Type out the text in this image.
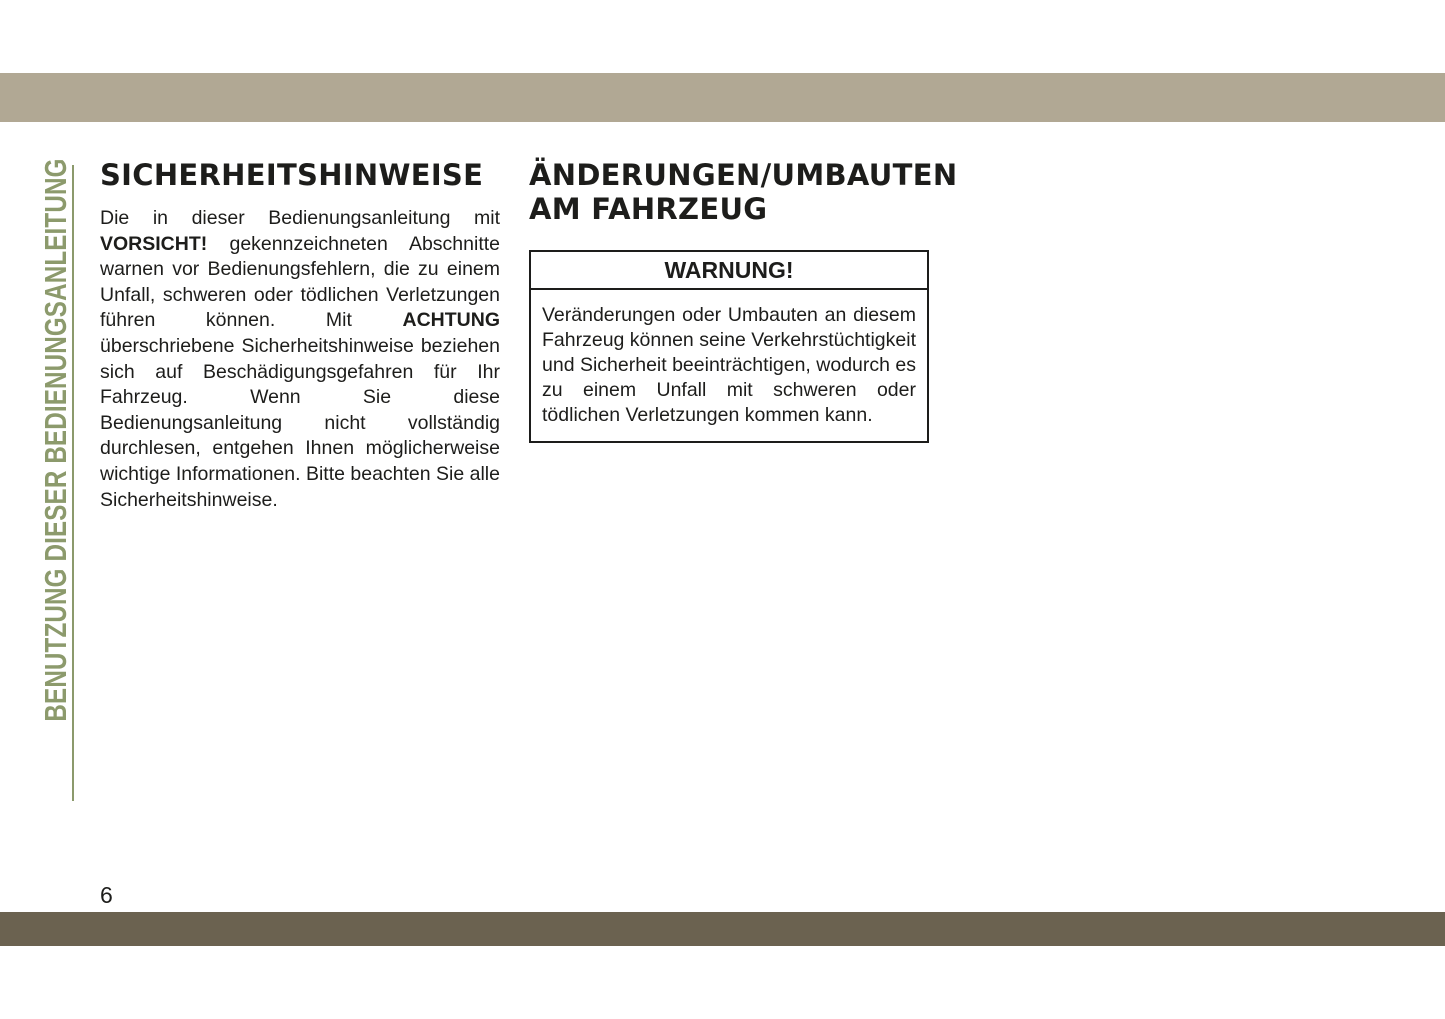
BENUTZUNG DIESER BEDIENUNGSANLEITUNG SICHERHEITSHINWEISE

Die in dieser Bedienungsanleitung mit VORSICHT! gekennzeichneten Abschnitte warnen vor Bedienungsfehlern, die zu einem Unfall, schweren oder tödlichen Verletzungen führen können. Mit ACHTUNG überschriebene Sicherheitshinweise beziehen sich auf Beschädigungsgefahren für Ihr Fahrzeug. Wenn Sie diese Bedienungsanleitung nicht vollständig durchlesen, entgehen Ihnen möglicherweise wichtige Informationen. Bitte beachten Sie alle Sicherheitshinweise.

ÄNDERUNGEN/UMBAUTEN
AM FAHRZEUG
WARNUNG!
Veränderungen oder Umbauten an diesem Fahrzeug können seine Verkehrstüchtigkeit und Sicherheit beeinträchtigen, wodurch es zu einem Unfall mit schweren oder tödlichen Verletzungen kommen kann.
6
